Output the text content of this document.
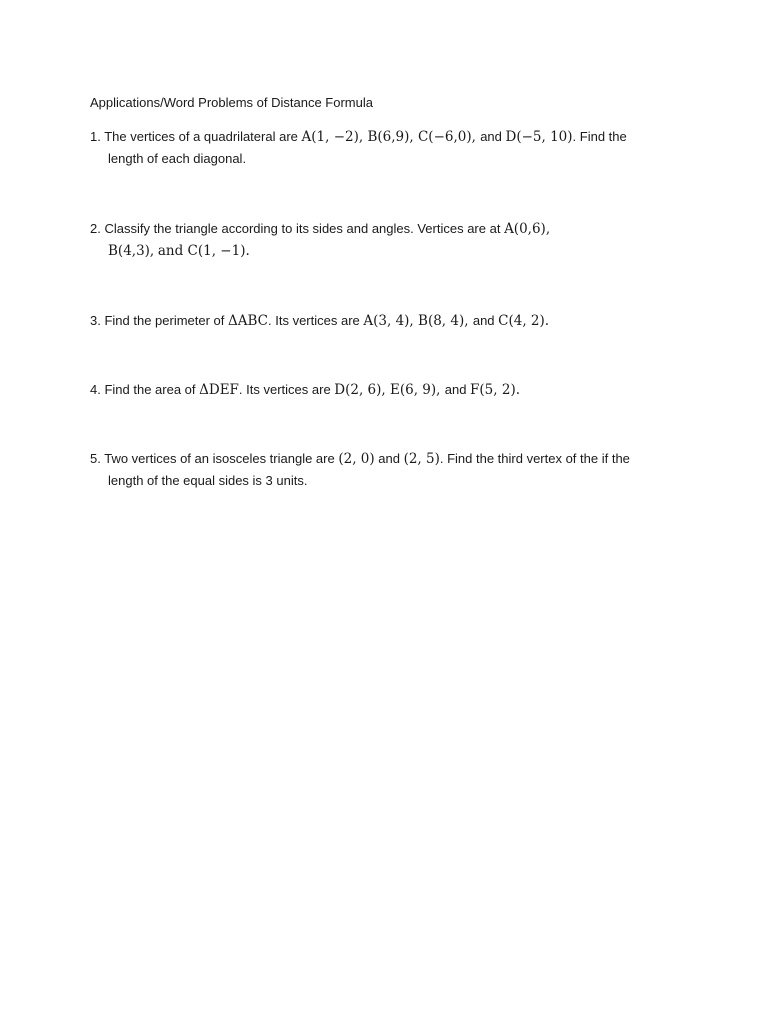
Applications/Word Problems of Distance Formula
1. The vertices of a quadrilateral are A(1, −2), B(6,9), C(−6,0), and D(−5, 10). Find the
length of each diagonal.
2. Classify the triangle according to its sides and angles. Vertices are at A(0,6),
B(4,3), and C(1, −1).
3. Find the perimeter of ΔABC. Its vertices are A(3, 4), B(8, 4), and C(4, 2).
4. Find the area of ΔDEF. Its vertices are D(2, 6), E(6, 9), and F(5, 2).
5. Two vertices of an isosceles triangle are (2, 0) and (2, 5). Find the third vertex of the if the
length of the equal sides is 3 units.
